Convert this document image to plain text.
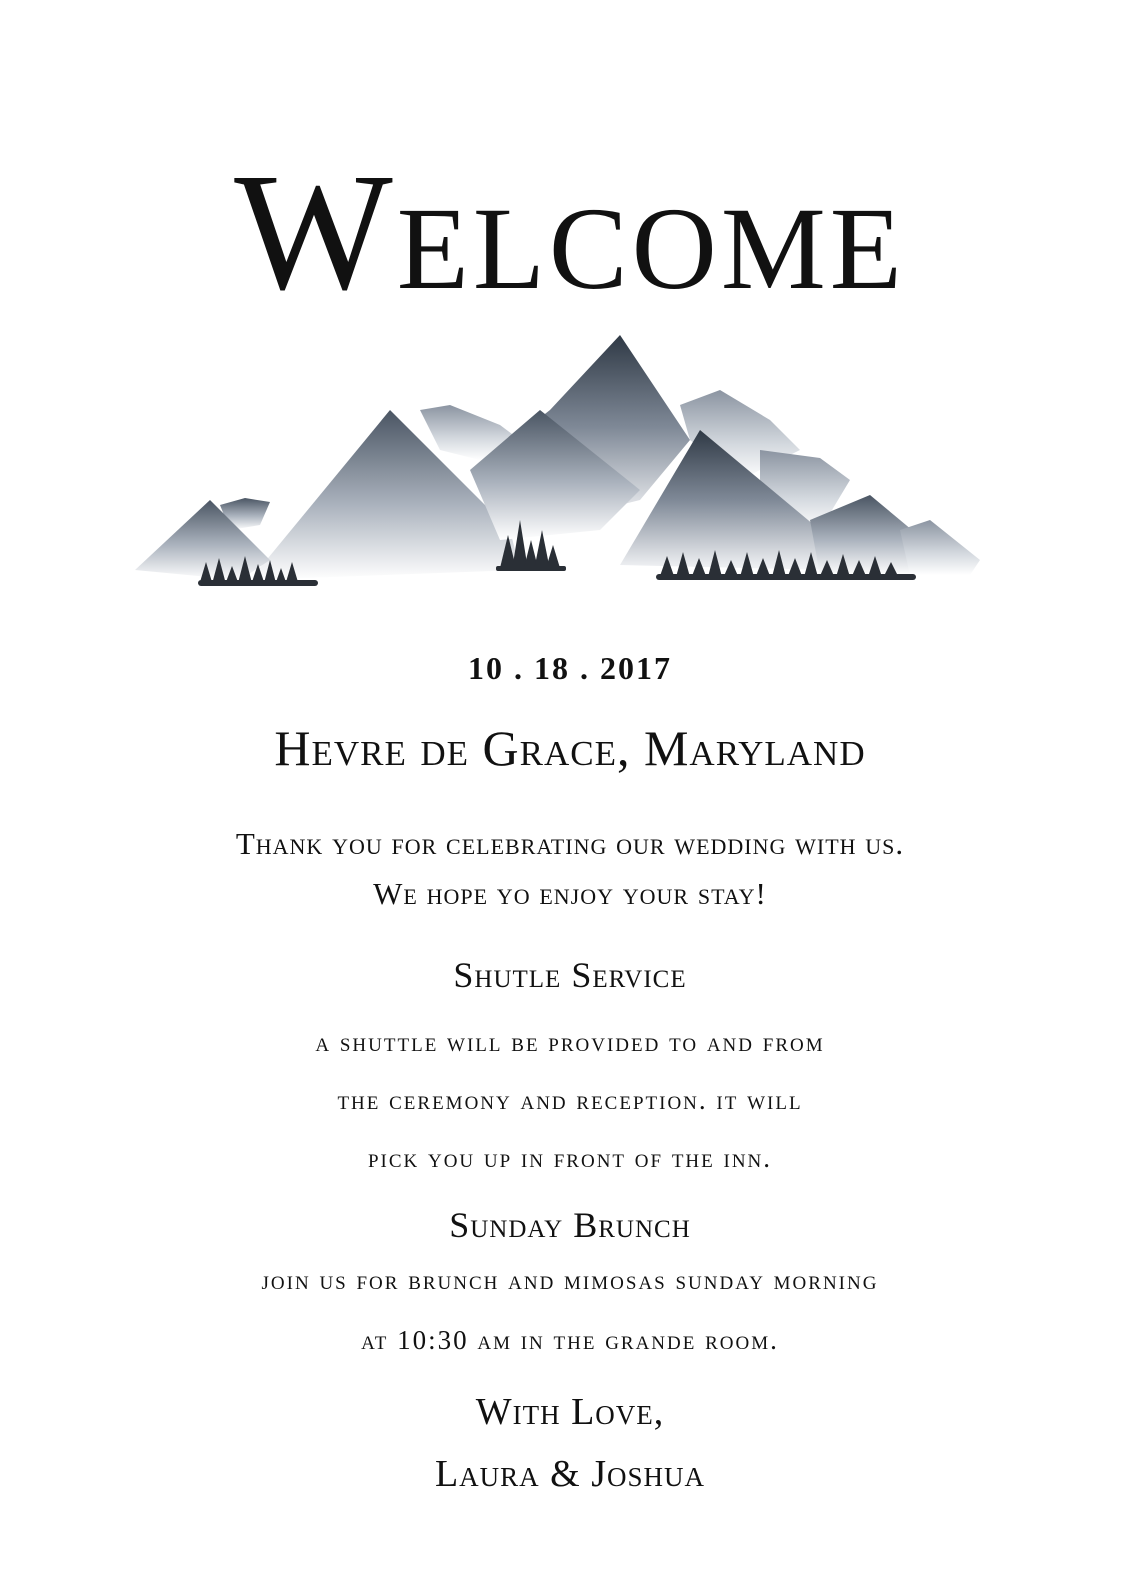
Welcome
10 . 18 . 2017
Hevre de Grace, Maryland
Thank you for celebrating our wedding with us.
We hope yo enjoy your stay!
Shutle Service
a shuttle will be provided to and from
the ceremony and reception. it will
pick you up in front of the inn.
Sunday Brunch
join us for brunch and mimosas sunday morning
at 10:30 am in the grande room.
With Love,
Laura & Joshua
